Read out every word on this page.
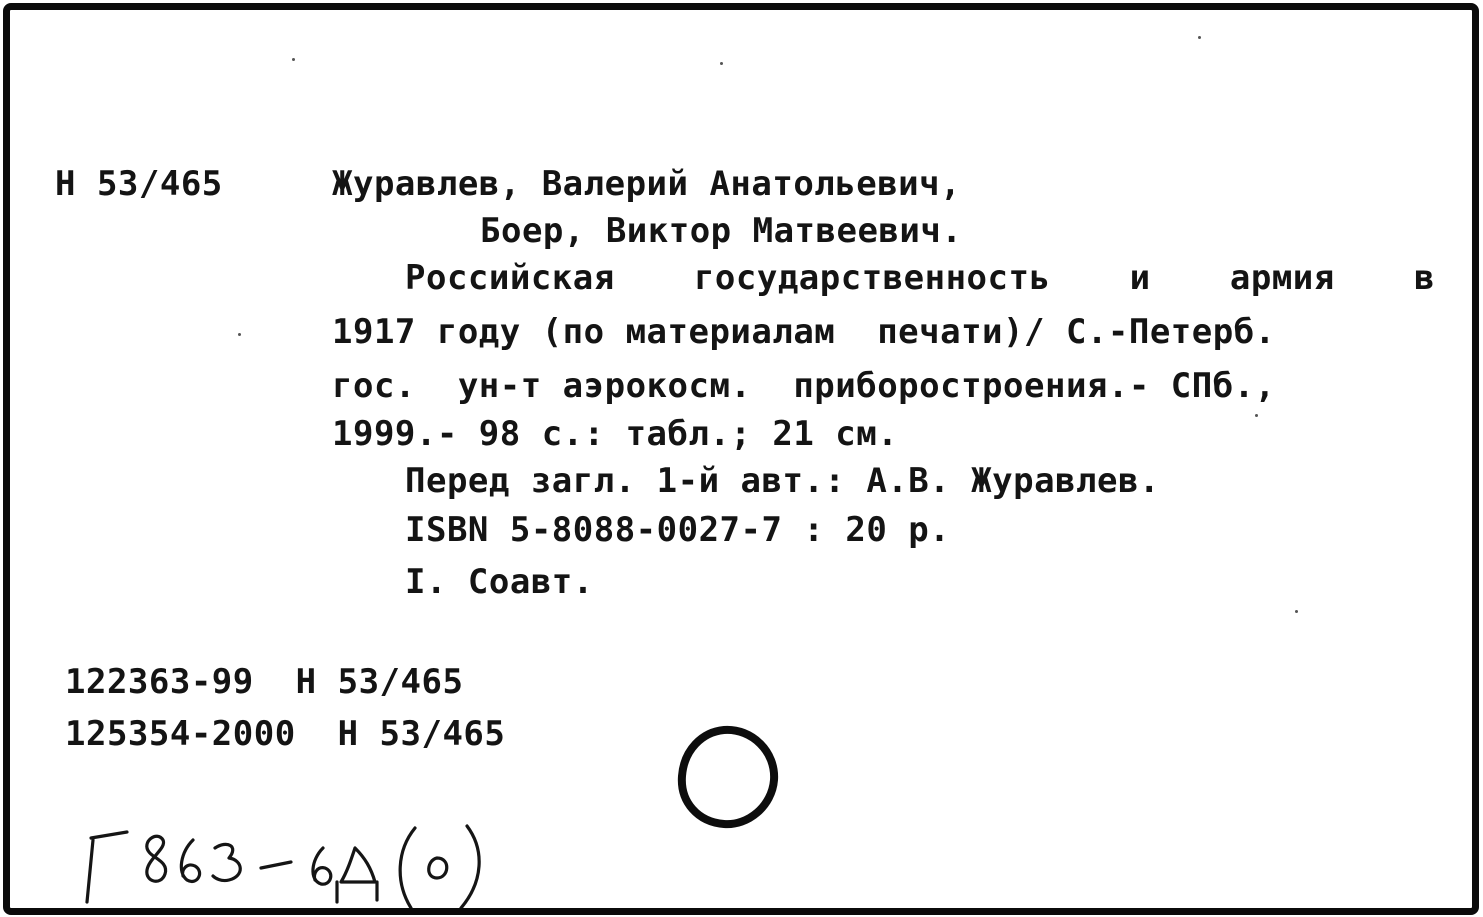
Н 53/465	Журавлев, Валерий Анатольевич,
Боер, Виктор Матвеевич.
Российская государственность и армия в
1917 году (по материалам  печати)/ С.-Петерб.
гос.  ун-т аэрокосм.  приборостроения.- СПб.,
1999.- 98 с.: табл.; 21 см.
Перед загл. 1-й авт.: А.В. Журавлев.
ISBN 5-8088-0027-7 : 20 р.
I. Соавт.
122363-99  Н 53/465
125354-2000  Н 53/465
